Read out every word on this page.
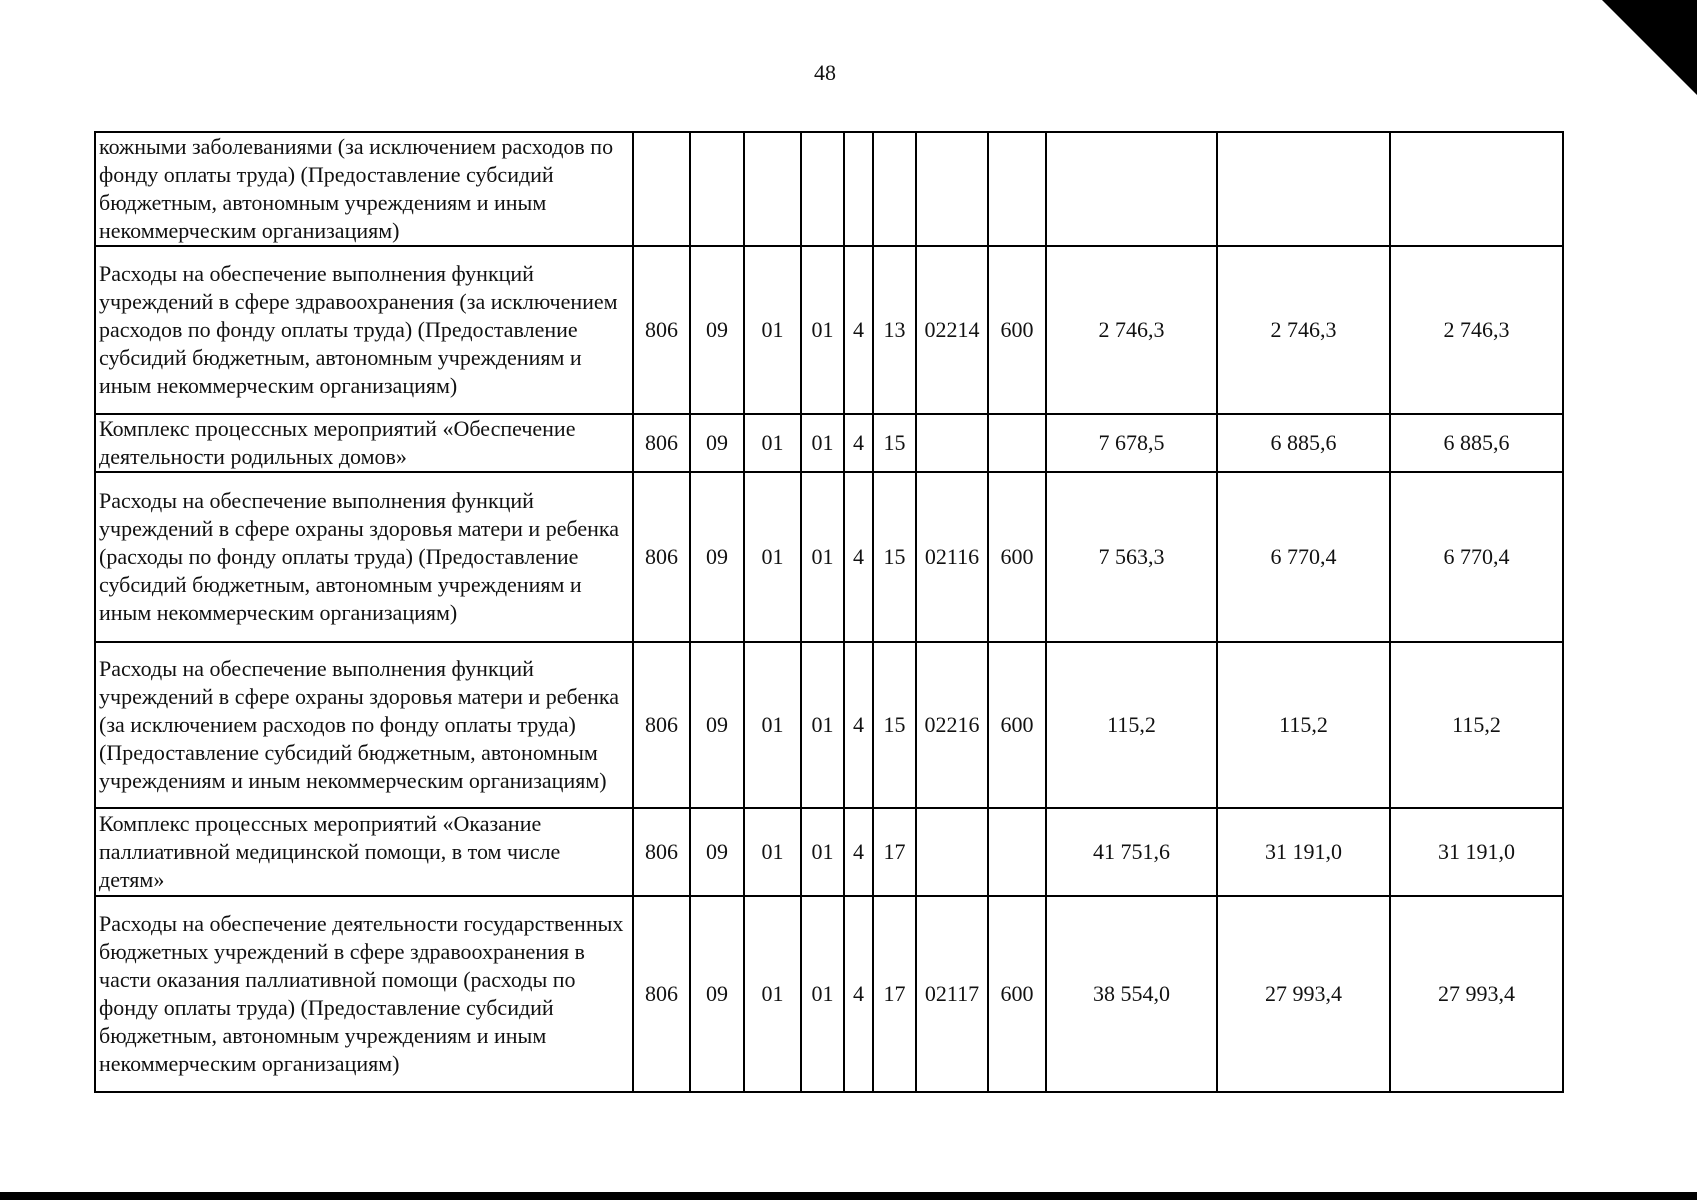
48
кожными заболеваниями (за исключением расходов по фонду оплаты труда) (Предоставление субсидий бюджетным, автономным учреждениям и иным некоммерческим организациям)											
Расходы на обеспечение выполнения функций учреждений в сфере здравоохранения (за исключением расходов по фонду оплаты труда) (Предоставление субсидий бюджетным, автономным учреждениям и иным некоммерческим организациям)	806	09	01	01	4	13	02214	600	2 746,3	2 746,3	2 746,3
Комплекс процессных мероприятий «Обеспечение деятельности родильных домов»	806	09	01	01	4	15			7 678,5	6 885,6	6 885,6
Расходы на обеспечение выполнения функций учреждений в сфере охраны здоровья матери и ребенка (расходы по фонду оплаты труда) (Предоставление субсидий бюджетным, автономным учреждениям и иным некоммерческим организациям)	806	09	01	01	4	15	02116	600	7 563,3	6 770,4	6 770,4
Расходы на обеспечение выполнения функций учреждений в сфере охраны здоровья матери и ребенка (за исключением расходов по фонду оплаты труда) (Предоставление субсидий бюджетным, автономным учреждениям и иным некоммерческим организациям)	806	09	01	01	4	15	02216	600	115,2	115,2	115,2
Комплекс процессных мероприятий «Оказание паллиативной медицинской помощи, в том числе детям»	806	09	01	01	4	17			41 751,6	31 191,0	31 191,0
Расходы на обеспечение деятельности государственных бюджетных учреждений в сфере здравоохранения в части оказания паллиативной помощи (расходы по фонду оплаты труда) (Предоставление субсидий бюджетным, автономным учреждениям и иным некоммерческим организациям)	806	09	01	01	4	17	02117	600	38 554,0	27 993,4	27 993,4
